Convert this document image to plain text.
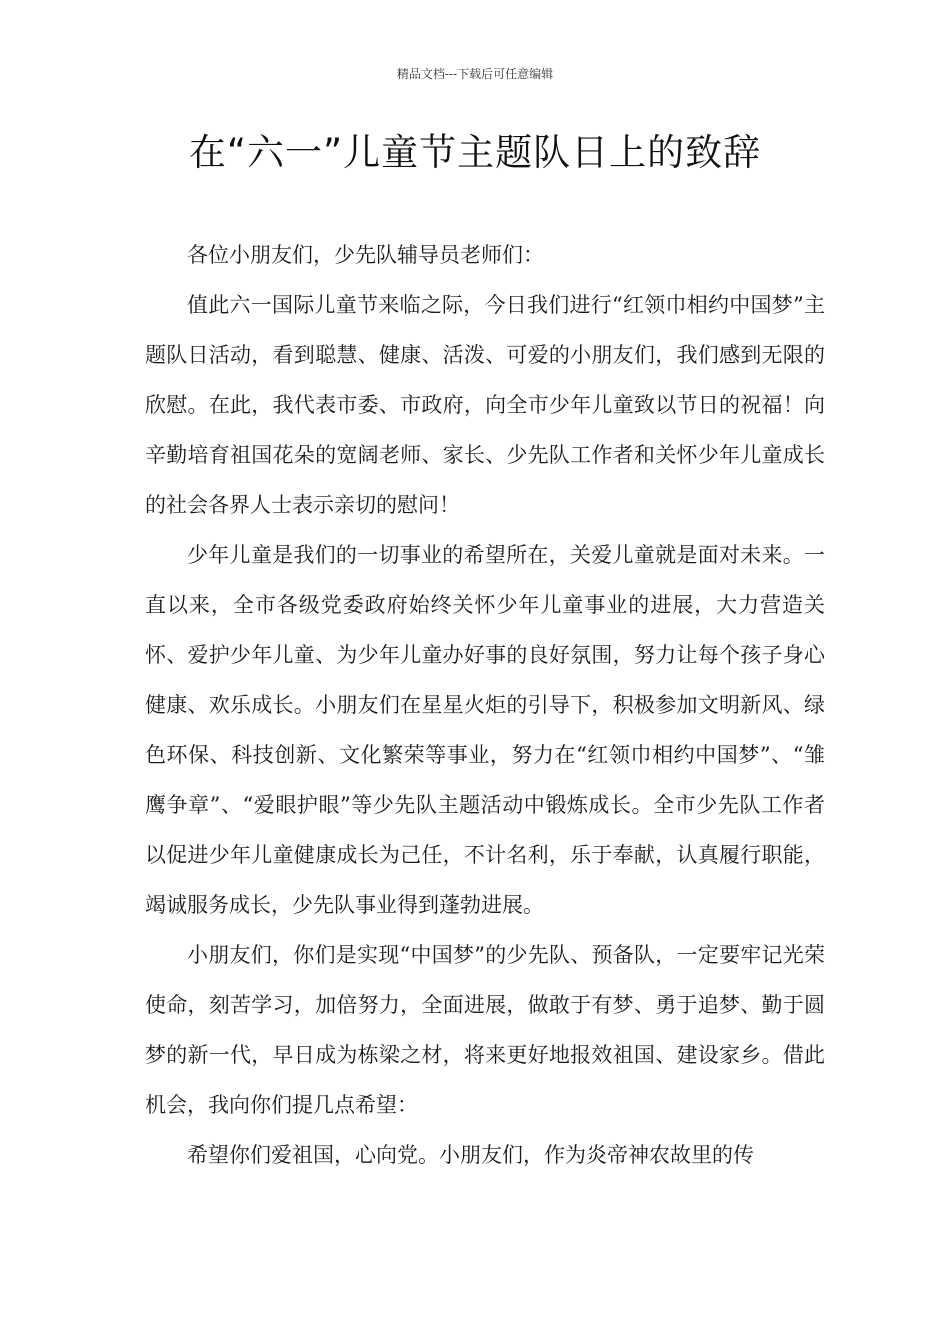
精品文档---下载后可任意编辑
在“六一”儿童节主题队日上的致辞

各位小朋友们，少先队辅导员老师们：

值此六一国际儿童节来临之际，今日我们进行“红领巾相约中国梦”主题队日活动，看到聪慧、健康、活泼、可爱的小朋友们，我们感到无限的欣慰。在此，我代表市委、市政府，向全市少年儿童致以节日的祝福！向辛勤培育祖国花朵的宽阔老师、家长、少先队工作者和关怀少年儿童成长的社会各界人士表示亲切的慰问！

少年儿童是我们的一切事业的希望所在，关爱儿童就是面对未来。一直以来，全市各级党委政府始终关怀少年儿童事业的进展，大力营造关怀、爱护少年儿童、为少年儿童办好事的良好氛围，努力让每个孩子身心健康、欢乐成长。小朋友们在星星火炬的引导下，积极参加文明新风、绿色环保、科技创新、文化繁荣等事业，努力在“红领巾相约中国梦”、“雏鹰争章”、“爱眼护眼”等少先队主题活动中锻炼成长。全市少先队工作者以促进少年儿童健康成长为己任，不计名利，乐于奉献，认真履行职能，竭诚服务成长，少先队事业得到蓬勃进展。

小朋友们，你们是实现“中国梦”的少先队、预备队，一定要牢记光荣使命，刻苦学习，加倍努力，全面进展，做敢于有梦、勇于追梦、勤于圆梦的新一代，早日成为栋梁之材，将来更好地报效祖国、建设家乡。借此机会，我向你们提几点希望：

希望你们爱祖国，心向党。小朋友们，作为炎帝神农故里的传
